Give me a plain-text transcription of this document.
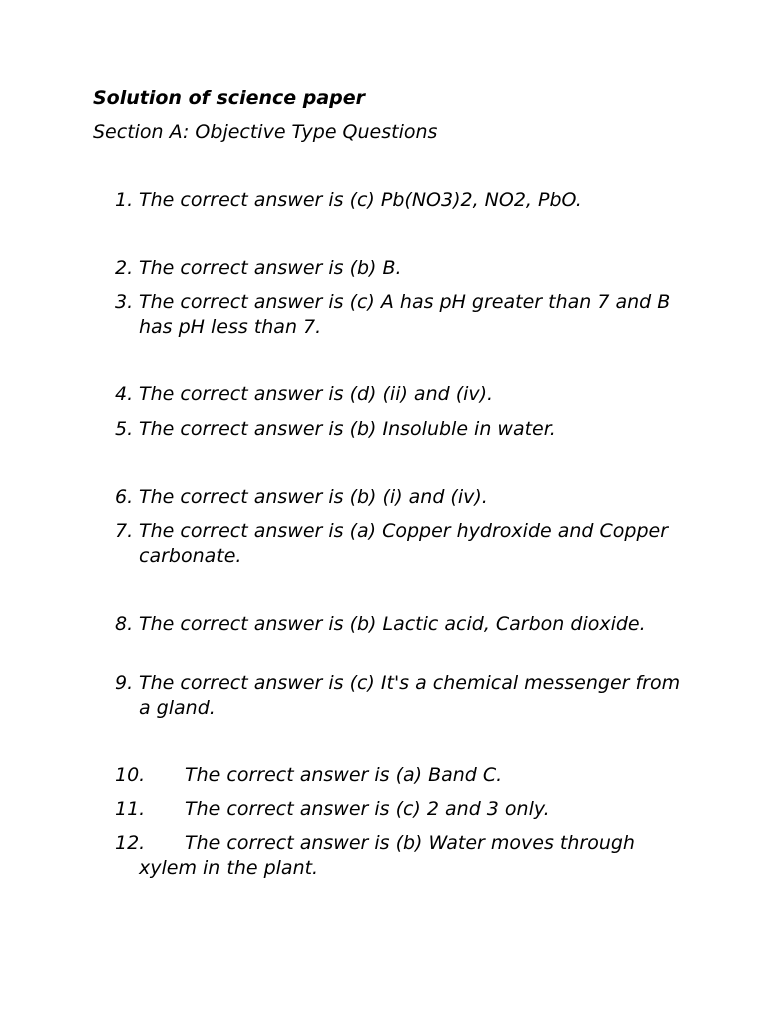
Solution of science paper
Section A: Objective Type Questions
1. The correct answer is (c) Pb(NO3)2, NO2, PbO.
2. The correct answer is (b) B.
3. The correct answer is (c) A has pH greater than 7 and B has pH less than 7.
4. The correct answer is (d) (ii) and (iv).
5. The correct answer is (b) Insoluble in water.
6. The correct answer is (b) (i) and (iv).
7. The correct answer is (a) Copper hydroxide and Copper carbonate.
8. The correct answer is (b) Lactic acid, Carbon dioxide.
9. The correct answer is (c) It's a chemical messenger from a gland.
10.	The correct answer is (a) Band C.
11.	The correct answer is (c) 2 and 3 only.
12.	The correct answer is (b) Water moves through xylem in the plant.
